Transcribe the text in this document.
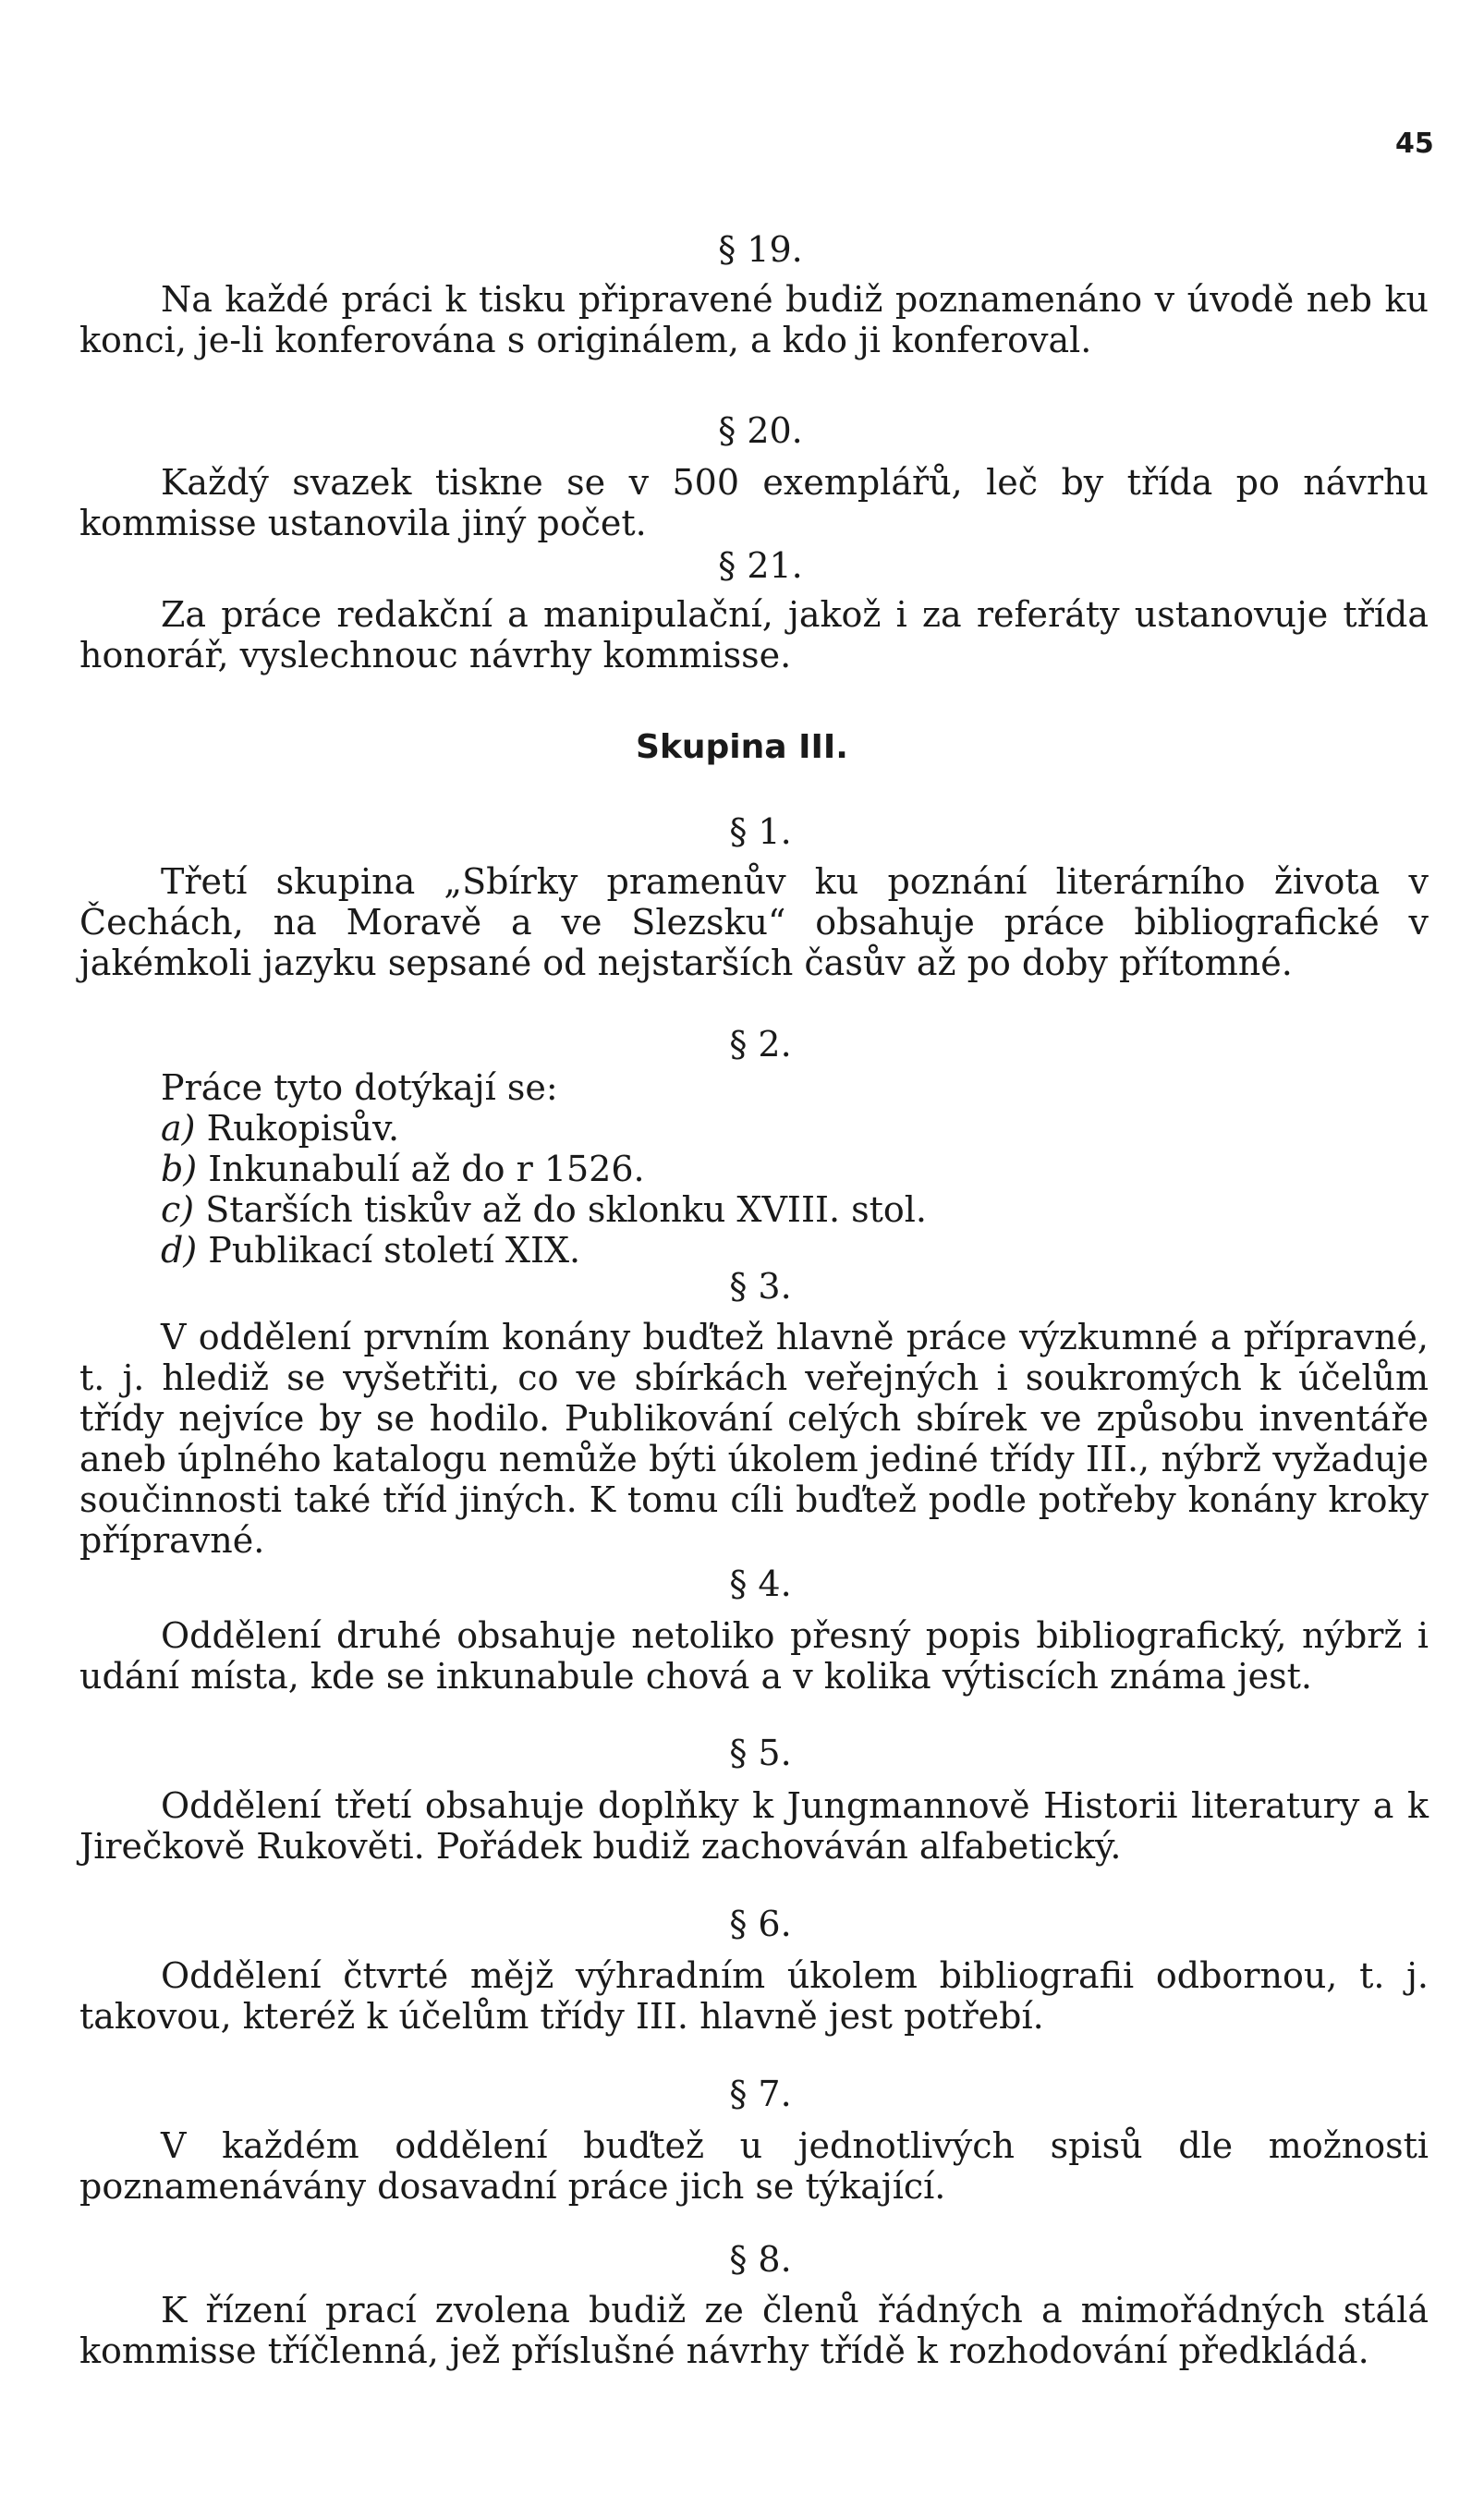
45
§ 19.

Na každé práci k tisku připravené budiž poznamenáno v úvodě neb ku konci, je-li konferována s originálem, a kdo ji konferoval.

§ 20.

Každý svazek tiskne se v 500 exemplářů, leč by třída po návrhu kommisse ustanovila jiný počet.

§ 21.

Za práce redakční a manipulační, jakož i za referáty ustanovuje třída honorář, vyslechnouc návrhy kommisse.

Skupina III.
§ 1.

Třetí skupina „Sbírky pramenův ku poznání literárního života v Čechách, na Moravě a ve Slezsku“ obsahuje práce bibliografické v jakémkoli jazyku sepsané od nejstarších časův až po doby přítomné.

§ 2.
Práce tyto dotýkají se:
a) Rukopisův.
b) Inkunabulí až do r 1526.
c) Starších tiskův až do sklonku XVIII. stol.
d) Publikací století XIX.
§ 3.

V oddělení prvním konány buďtež hlavně práce výzkumné a přípravné, t. j. hlediž se vyšetřiti, co ve sbírkách veřejných i soukromých k účelům třídy nejvíce by se hodilo. Publikování celých sbírek ve způsobu inventáře aneb úplného katalogu nemůže býti úkolem jediné třídy III., nýbrž vyžaduje součinnosti také tříd jiných. K tomu cíli buďtež podle potřeby konány kroky přípravné.

§ 4.

Oddělení druhé obsahuje netoliko přesný popis bibliografický, nýbrž i udání místa, kde se inkunabule chová a v kolika výtiscích známa jest.

§ 5.

Oddělení třetí obsahuje doplňky k Jungmannově Historii literatury a k Jirečkově Rukověti. Pořádek budiž zachováván alfabetický.

§ 6.

Oddělení čtvrté mějž výhradním úkolem bibliografii odbornou, t. j. takovou, kteréž k účelům třídy III. hlavně jest potřebí.

§ 7.

V každém oddělení buďtež u jednotlivých spisů dle možnosti poznamenávány dosavadní práce jich se týkající.

§ 8.

K řízení prací zvolena budiž ze členů řádných a mimořádných stálá kommisse tříčlenná, jež příslušné návrhy třídě k rozhodování předkládá.
